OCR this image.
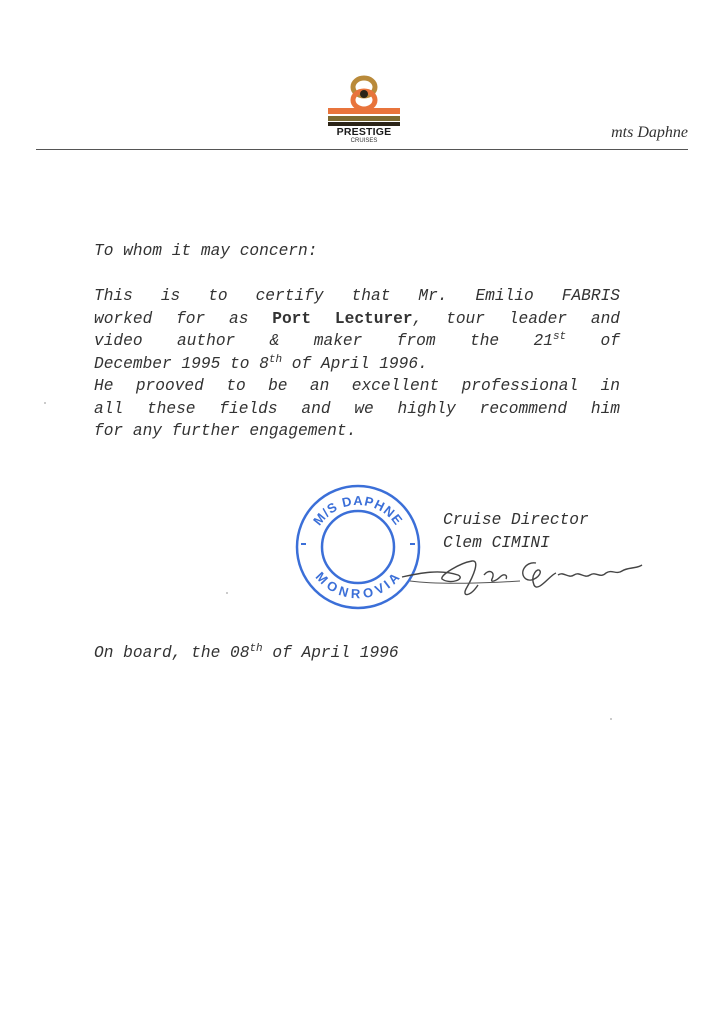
PRESTIGE
CRUISES	mts Daphne
To whom it may concern:
This is to certify that Mr. Emilio FABRIS
worked for as Port Lecturer, tour leader and
video author & maker from the 21st of
December 1995 to 8th of April 1996.
He prooved to be an excellent professional in
all these fields and we highly recommend him
for any further engagement.
M/S DAPHNE
MONROVIA
Cruise Director
Clem CIMINI
On board, the 08th of April 1996
